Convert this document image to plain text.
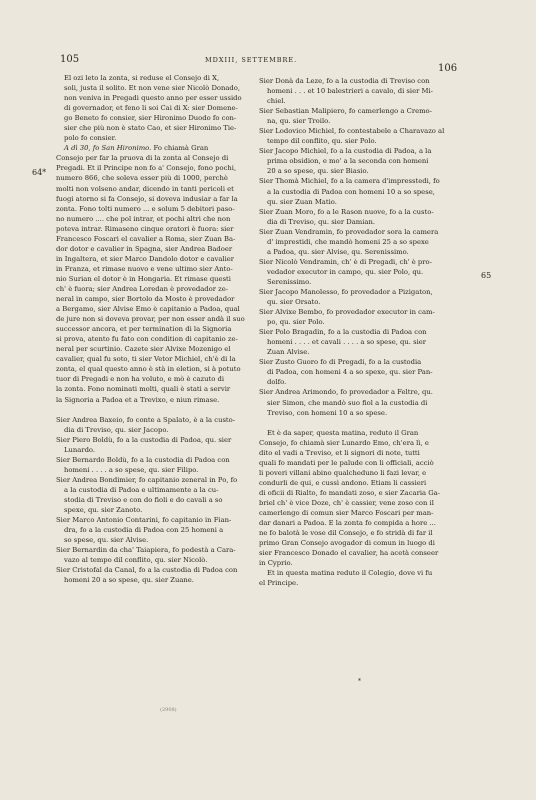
105	MDXIII, SETTEMBRE.
106
64*
65

El ozi leto la zonta, si reduse el Consejo di X,

soli, justa il solito. Et non vene sier Nicolò Donado,

non veniva in Pregadi questo anno per esser ussido

di governador, et feno li soi Cai di X: sier Domene-

go Beneto fo consier, sier Hironimo Duodo fo con-

sier che più non è stato Cao, et sier Hironimo Tie-

polo fo consier.

A dì 30, fo San Hironimo. Fo chiamà Gran

Consejo per far la pruova di la zonta al Consejo di

Pregadi. Et il Principe non fo a' Consejo, fono pochi,

numero 866, che soleva esser più di 1000, perchè

molti non volseno andar, dicendo in tanti pericoli et

fuogi atorno si fa Consejo, si doveva indusiar a far la

zonta. Fono tolti numero ... e solum 5 debitori paso-

no numero .... che pol intrar, et pochi altri che non

poteva intrar. Rimaseno cinque oratori è fuora: sier

Francesco Foscari el cavalier a Roma, sier Zuan Ba-

dor dotor e cavalier in Spagna, sier Andrea Badoer

in Ingaltera, et sier Marco Dandolo dotor e cavalier

in Franza, et rimase nuovo e vene ultimo sier Anto-

nio Surian el dotor è in Hongaria. Et rimase questi

ch' è fuora; sier Andrea Loredan è provedador ze-

neral in campo, sier Bortolo da Mosto è provedador

a Bergamo, sier Alvise Emo è capitanio a Padoa, qual

de jure non si doveva provar, per non esser andà il suo

successor ancora, et per termination di la Signoria

si prova, atento fu fato con condition di capitanio ze-

neral per scurtinio. Cazete sier Alvixe Mozenigo el

cavalier, qual fu soto, ti sier Vetor Michiel, ch'è di la

zonta, el qual questo anno è stà in eletion, si à potuto

tuor di Pregadi e non ha voluto, e mò è cazuto di

la zonta. Fono nominati molti, quali è stati a servir

la Signoria a Padoa et a Trevixo, e niun rimase.

Sier Andrea Baxeio, fo conte a Spalato, è a la custo-

dia di Treviso, qu. sier Jacopo.

Sier Piero Boldù, fo a la custodia di Padoa, qu. sier

Lunardo.

Sier Bernardo Boldù, fo a la custodia di Padoa con

homeni . . . . a so spese, qu. sier Filipo.

Sier Andrea Bondimier, fo capitanio zeneral in Po, fo

a la custodia di Padoa e ultimamente a la cu-

stodia di Treviso e con do fioli e do cavali a so

spexe, qu. sier Zanoto.

Sier Marco Antonio Contarini, fo capitanio in Fian-

dra, fo a la custodia di Padoa con 25 homeni a

so spese, qu. sier Alvise.

Sier Bernardin da cha' Taiapiera, fo podestà a Cara-

vazo al tempo dil conflito, qu. sier Nicolò.

Sier Cristofal da Canal, fo a la custodia di Padoa con

homeni 20 a so spese, qu. sier Zuane.

Sier Donà da Leze, fo a la custodia di Treviso con

homeni . . . et 10 balestrieri a cavalo, di sier Mi-

chiel.

Sier Sebastian Malipiero, fo camerlengo a Cremo-

na, qu. sier Troilo.

Sier Lodovico Michiel, fo contestabele a Charavazo al

tempo dil conflito, qu. sier Polo.

Sier Jacopo Michiel, fo a la custodia di Padoa, a la

prima obsidion, e mo' a la seconda con homeni

20 a so spese, qu. sier Biasio.

Sier Thomà Michiel, fo a la camera d'impresstedi, fo

a la custodia di Padoa con homeni 10 a so spese,

qu. sier Zuan Matio.

Sier Zuan Moro, fo a le Rason nuove, fo a la custo-

dia di Treviso, qu. sier Damian.

Sier Zuan Vendramin, fo provedador sora la camera

d' imprestidi, che mandò homeni 25 a so spexe

a Padoa, qu. sier Alvise, qu. Serenissimo.

Sier Nicolò Vendramin, ch' è di Pregadi, ch' è pro-

vedador executor in campo, qu. sier Polo, qu.

Serenissimo.

Sier Jacopo Manolesso, fo provedador a Pizigaton,

qu. sier Orsato.

Sier Alvixe Bembo, fo provedador executor in cam-

po, qu. sier Polo.

Sier Polo Bragadin, fo a la custodia di Padoa con

homeni . . . . et cavali . . . . a so spese, qu. sier

Zuan Alvise.

Sier Zusto Guoro fo di Pregadi, fo a la custodia

di Padoa, con homeni 4 a so spexe, qu. sier Pan-

dolfo.

Sier Andrea Arimondo, fo provedador a Feltre, qu.

sier Simon, che mandò suo fiol a la custodia di

Treviso, con homeni 10 a so spese.

Et è da saper, questa matina, reduto il Gran

Consejo, fo chiamà sier Lunardo Emo, ch'era lì, e

dito el vadi a Treviso, et li signori di note, tutti

quali fo mandati per le palude con li officiali, acciò

li poveri villani abino qualcheduno li fazi levar, e

condurli de qui, e cussì andono. Etiam li cassieri

di oficii di Rialto, fo mandati zoso, e sier Zacaria Ga-

briel ch' è vice Doze, ch' è cassier, vene zoso con il

camerlengo di comun sier Marco Foscari per man-

dar danari a Padoa. E la zonta fo compida a hore ...

ne fo balotà le vose dil Consejo, e fo stridà di far il

primo Gran Consejo avogador di comun in luogo di

sier Francesco Donado el cavalier, ha acetà conseer

in Cyprio.

Et in questa matina reduto il Colegio, dove vi fu

el Principe.

*
(2908)
